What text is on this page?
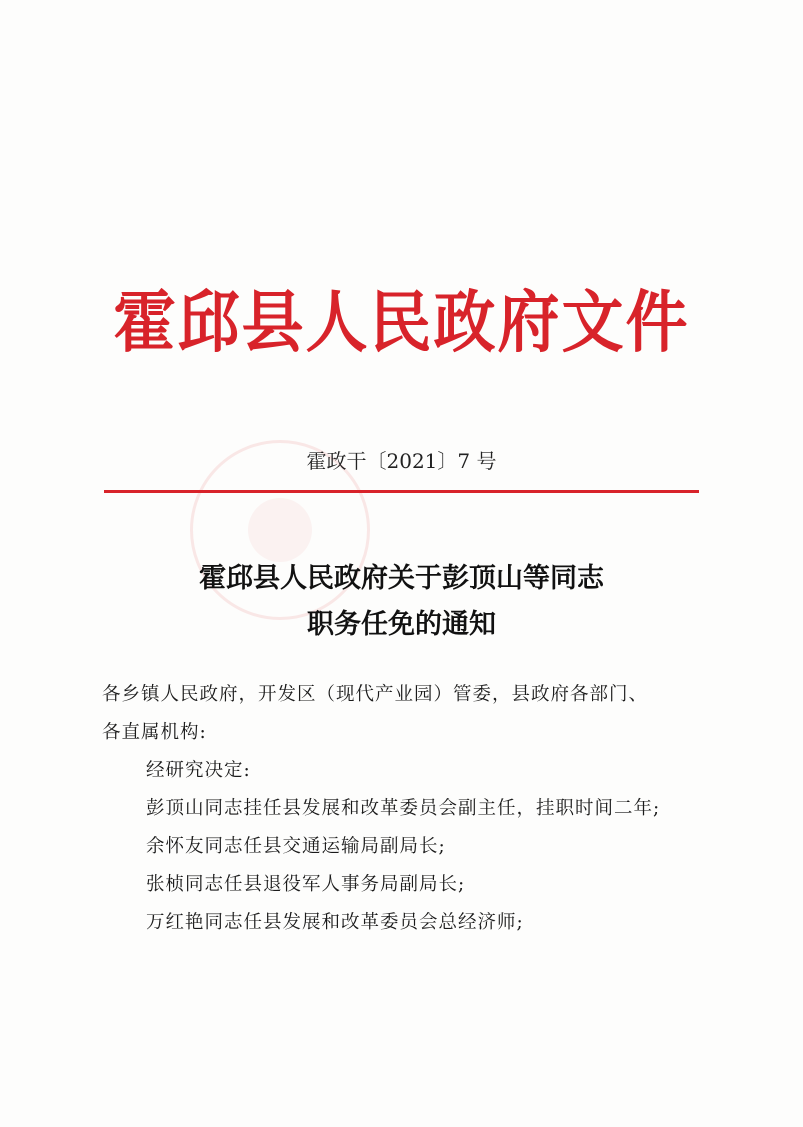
霍邱县人民政府文件
霍政干〔2021〕7 号
霍邱县人民政府关于彭顶山等同志
职务任免的通知

各乡镇人民政府，开发区（现代产业园）管委，县政府各部门、

各直属机构:

经研究决定:

彭顶山同志挂任县发展和改革委员会副主任，挂职时间二年;

余怀友同志任县交通运输局副局长;

张桢同志任县退役军人事务局副局长;

万红艳同志任县发展和改革委员会总经济师;
